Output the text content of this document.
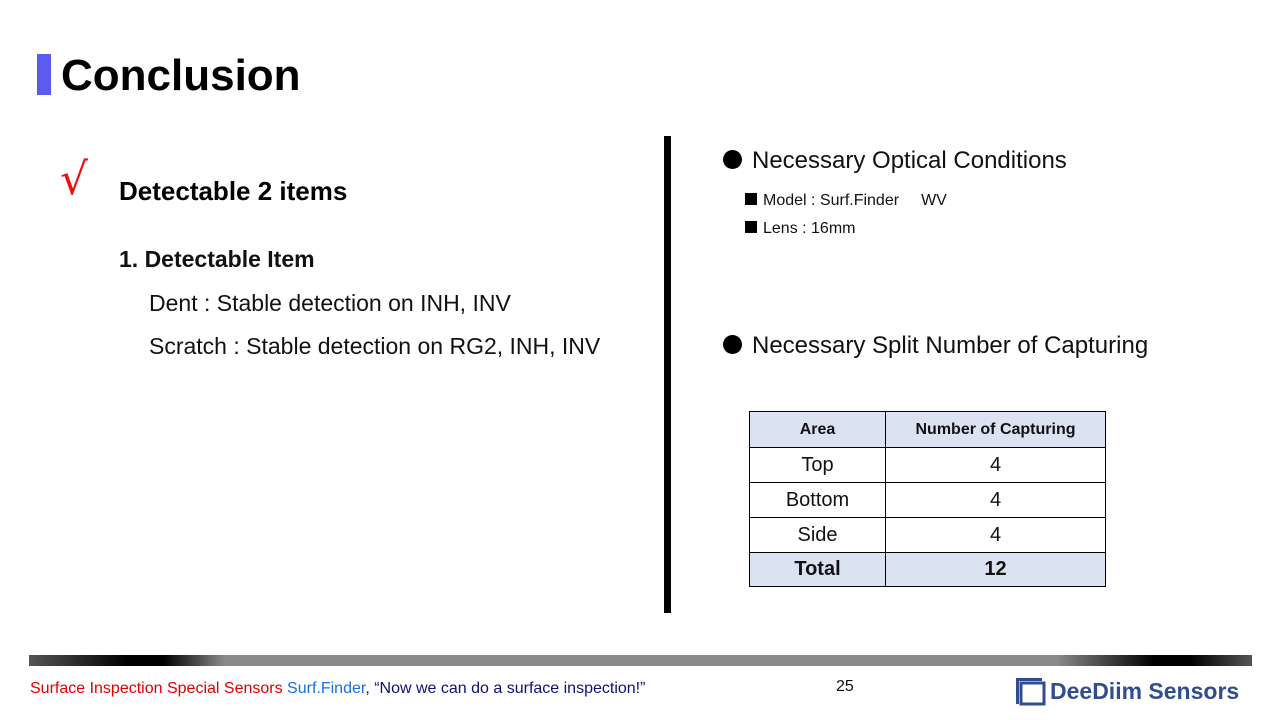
Conclusion
√ Detectable 2 items
1. Detectable Item
Dent : Stable detection on INH, INV
Scratch : Stable detection on RG2, INH, INV
Necessary Optical Conditions
Model : Surf.Finder WV
Lens : 16mm
Necessary Split Number of Capturing
Area	Number of Capturing
Top	4
Bottom	4
Side	4
Total	12
Surface Inspection Special Sensors Surf.Finder, “Now we can do a surface inspection!”	25	DeeDiim Sensors
